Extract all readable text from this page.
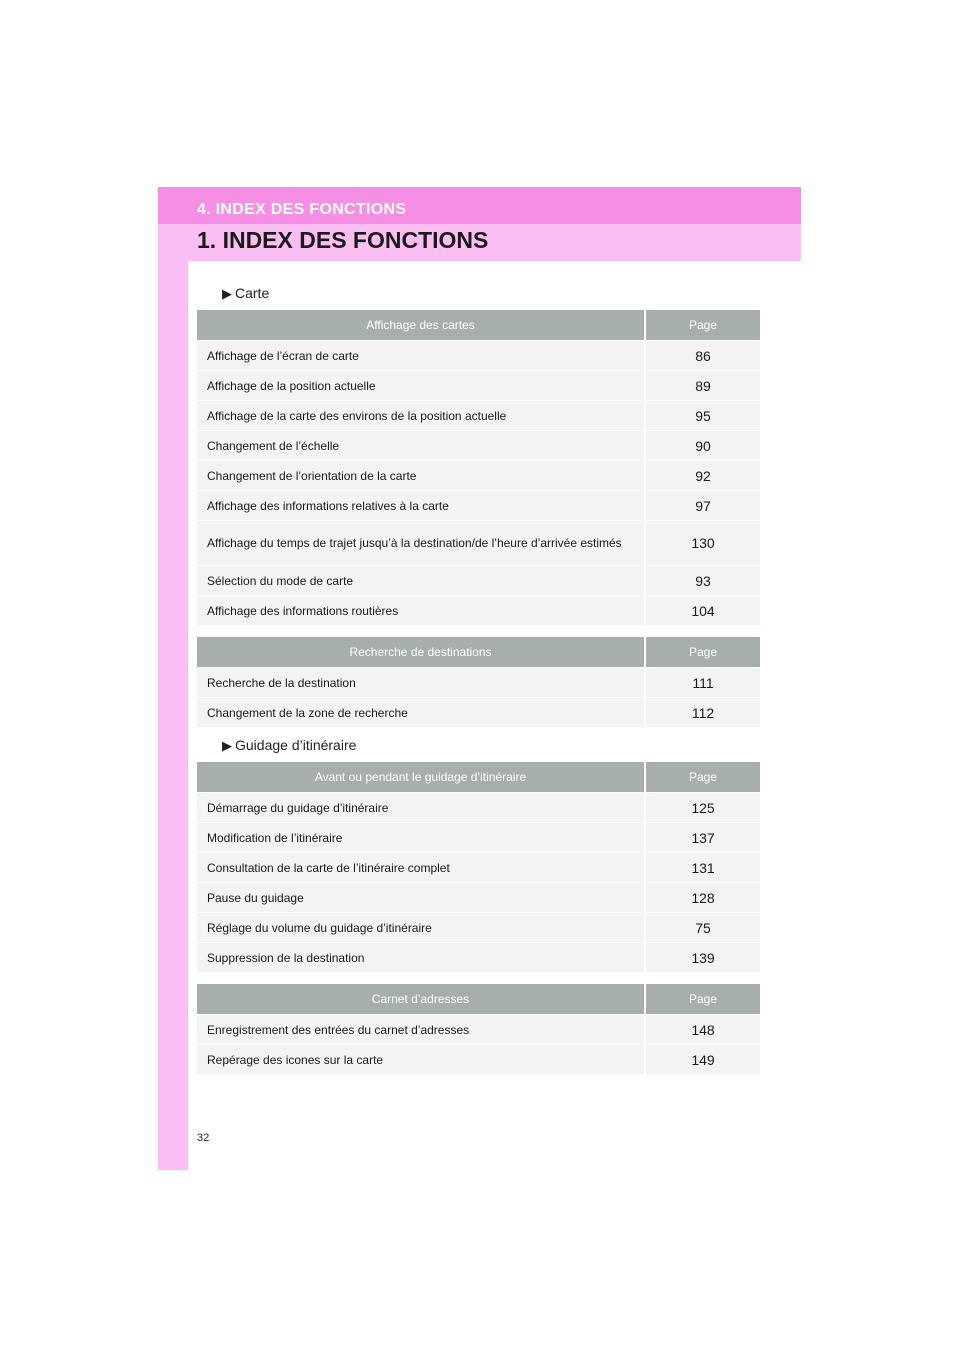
4. INDEX DES FONCTIONS
1. INDEX DES FONCTIONS
▶ Carte
Affichage des cartes	Page
Affichage de l’écran de carte	86
Affichage de la position actuelle	89
Affichage de la carte des environs de la position actuelle	95
Changement de l’échelle	90
Changement de l’orientation de la carte	92
Affichage des informations relatives à la carte	97
Affichage du temps de trajet jusqu’à la destination/de l’heure d’arrivée estimés	130
Sélection du mode de carte	93
Affichage des informations routières	104
Recherche de destinations	Page
Recherche de la destination	111
Changement de la zone de recherche	112
▶ Guidage d’itinéraire
Avant ou pendant le guidage d’itinéraire	Page
Démarrage du guidage d’itinéraire	125
Modification de l’itinéraire	137
Consultation de la carte de l’itinéraire complet	131
Pause du guidage	128
Réglage du volume du guidage d’itinéraire	75
Suppression de la destination	139
Carnet d’adresses	Page
Enregistrement des entrées du carnet d’adresses	148
Repérage des icones sur la carte	149
32
